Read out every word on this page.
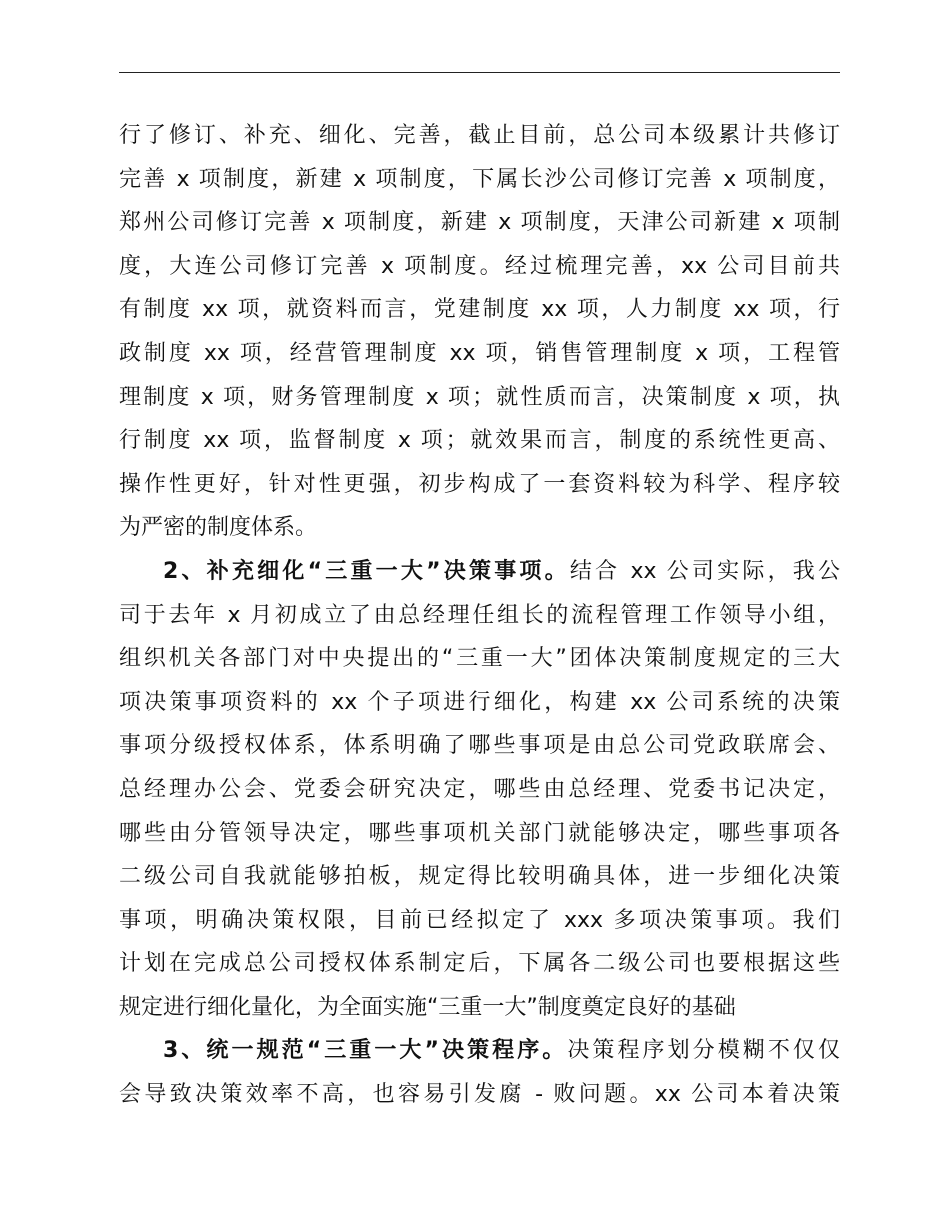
行了修订、补充、细化、完善，截止目前，总公司本级累计共修订
完善 x 项制度，新建 x 项制度，下属长沙公司修订完善 x 项制度，
郑州公司修订完善 x 项制度，新建 x 项制度，天津公司新建 x 项制
度，大连公司修订完善 x 项制度。经过梳理完善，xx 公司目前共
有制度 xx 项，就资料而言，党建制度 xx 项，人力制度 xx 项，行
政制度 xx 项，经营管理制度 xx 项，销售管理制度 x 项，工程管
理制度 x 项，财务管理制度 x 项；就性质而言，决策制度 x 项，执
行制度 xx 项，监督制度 x 项；就效果而言，制度的系统性更高、
操作性更好，针对性更强，初步构成了一套资料较为科学、程序较
为严密的制度体系。
2、补充细化“三重一大”决策事项。结合 xx 公司实际，我公
司于去年 x 月初成立了由总经理任组长的流程管理工作领导小组，
组织机关各部门对中央提出的“三重一大”团体决策制度规定的三大
项决策事项资料的 xx 个子项进行细化，构建 xx 公司系统的决策
事项分级授权体系，体系明确了哪些事项是由总公司党政联席会、
总经理办公会、党委会研究决定，哪些由总经理、党委书记决定，
哪些由分管领导决定，哪些事项机关部门就能够决定，哪些事项各
二级公司自我就能够拍板，规定得比较明确具体，进一步细化决策
事项，明确决策权限，目前已经拟定了 xxx 多项决策事项。我们
计划在完成总公司授权体系制定后，下属各二级公司也要根据这些
规定进行细化量化，为全面实施“三重一大”制度奠定良好的基础
3、统一规范“三重一大”决策程序。决策程序划分模糊不仅仅
会导致决策效率不高，也容易引发腐 - 败问题。xx 公司本着决策
